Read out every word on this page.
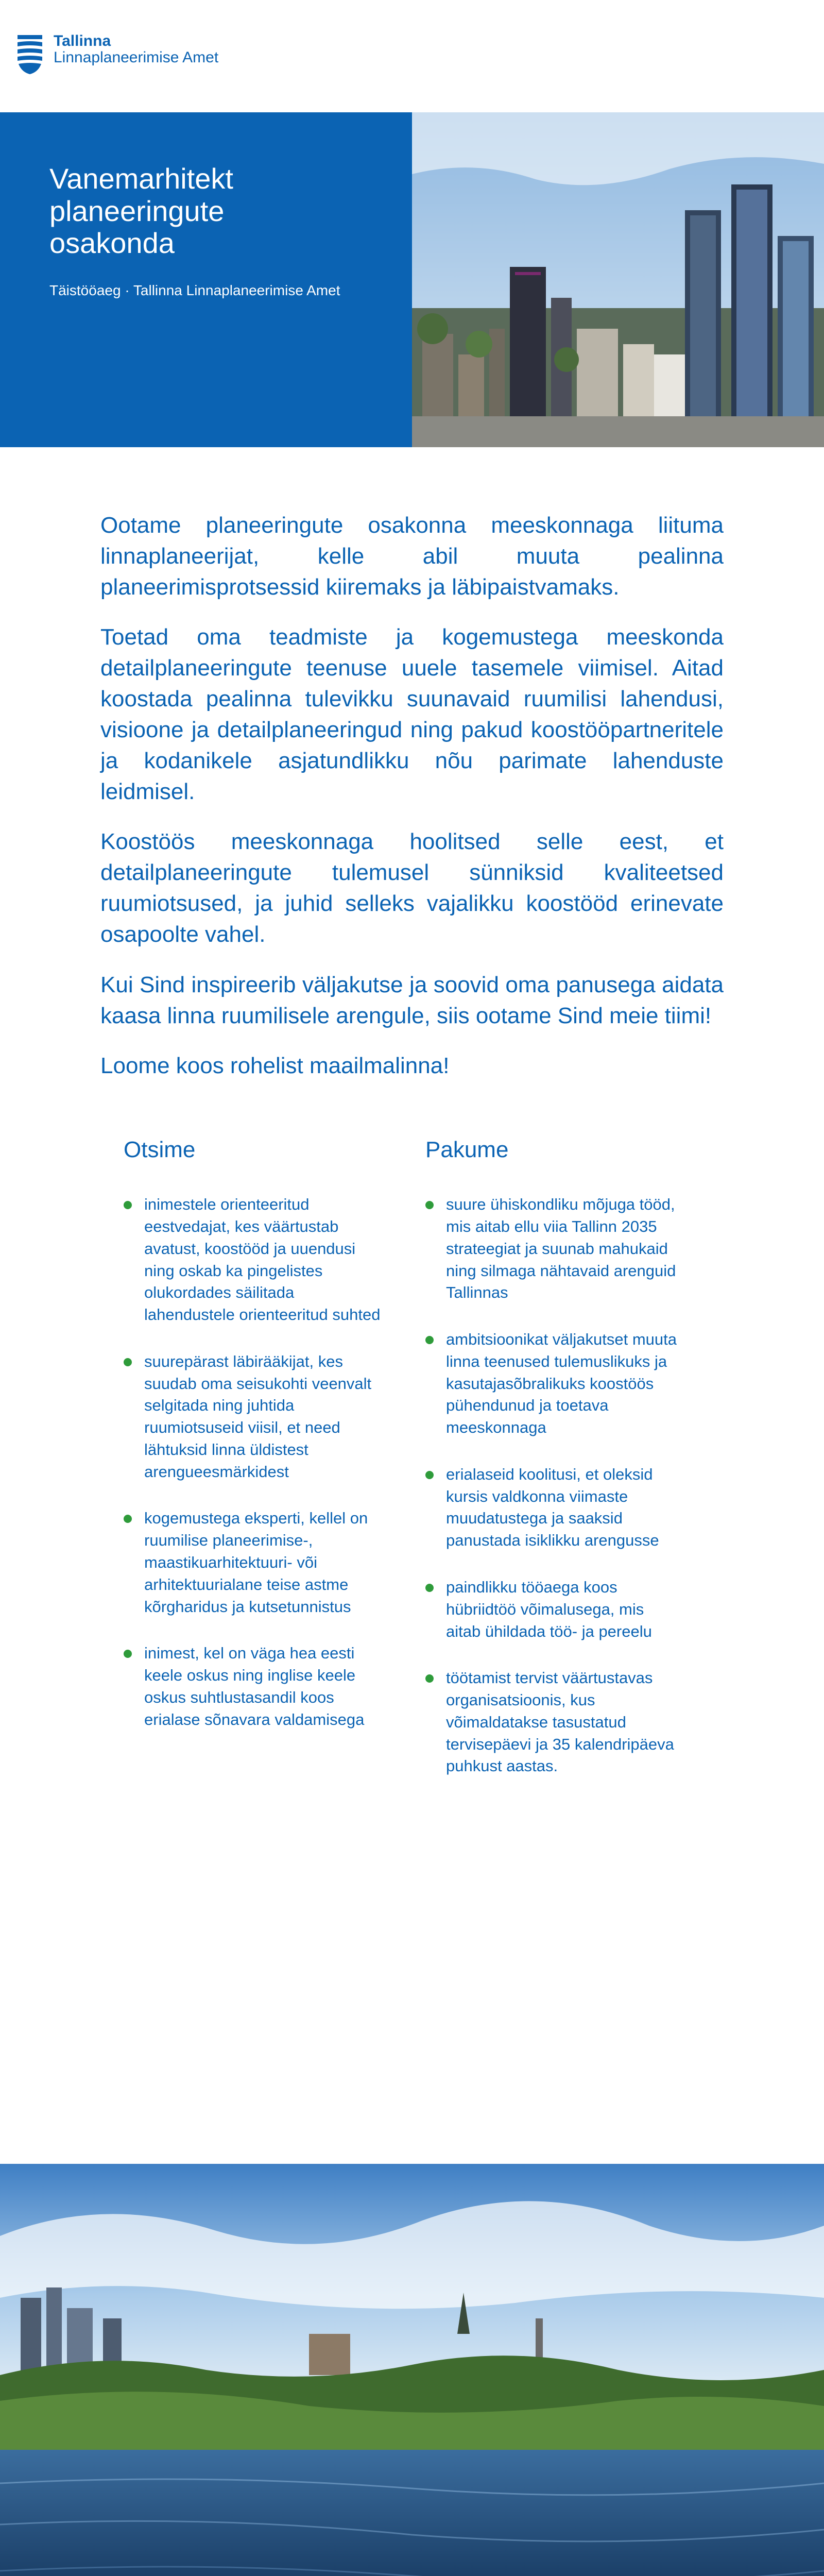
Tallinna
Linnaplaneerimise Amet
Vanemarhitekt
planeeringute
osakonda

Täistööaeg · Tallinna Linnaplaneerimise Amet

Ootame planeeringute osakonna meeskonnaga liituma linnaplaneerijat, kelle abil muuta pealinna planeerimisprotsessid kiiremaks ja läbipaistvamaks.

Toetad oma teadmiste ja kogemustega meeskonda detailplaneeringute teenuse uuele tasemele viimisel. Aitad koostada pealinna tulevikku suunavaid ruumilisi lahendusi, visioone ja detailplaneeringud ning pakud koostööpartneritele ja kodanikele asjatundlikku nõu parimate lahenduste leidmisel.

Koostöös meeskonnaga hoolitsed selle eest, et detailplaneeringute tulemusel sünniksid kvaliteetsed ruumiotsused, ja juhid selleks vajalikku koostööd erinevate osapoolte vahel.

Kui Sind inspireerib väljakutse ja soovid oma panusega aidata kaasa linna ruumilisele arengule, siis ootame Sind meie tiimi!

Loome koos rohelist maailmalinna!

Otsime
inimestele orienteeritud eestvedajat, kes väärtustab avatust, koostööd ja uuendusi ning oskab ka pingelistes olukordades säilitada lahendustele orienteeritud suhted
suurepärast läbirääkijat, kes suudab oma seisukohti veenvalt selgitada ning juhtida ruumiotsuseid viisil, et need lähtuksid linna üldistest arengueesmärkidest
kogemustega eksperti, kellel on ruumilise planeerimise-, maastikuarhitektuuri- või arhitektuurialane teise astme kõrgharidus ja kutsetunnistus
inimest, kel on väga hea eesti keele oskus ning inglise keele oskus suhtlustasandil koos erialase sõnavara valdamisega
Pakume
suure ühiskondliku mõjuga tööd, mis aitab ellu viia Tallinn 2035 strateegiat ja suunab mahukaid ning silmaga nähtavaid arenguid Tallinnas
ambitsioonikat väljakutset muuta linna teenused tulemuslikuks ja kasutajasõbralikuks koostöös pühendunud ja toetava meeskonnaga
erialaseid koolitusi, et oleksid kursis valdkonna viimaste muudatustega ja saaksid panustada isiklikku arengusse
paindlikku tööaega koos hübriidtöö võimalusega, mis aitab ühildada töö- ja pereelu
töötamist tervist väärtustavas organisatsioonis, kus võimaldatakse tasustatud tervisepäevi ja 35 kalendripäeva puhkust aastas.
